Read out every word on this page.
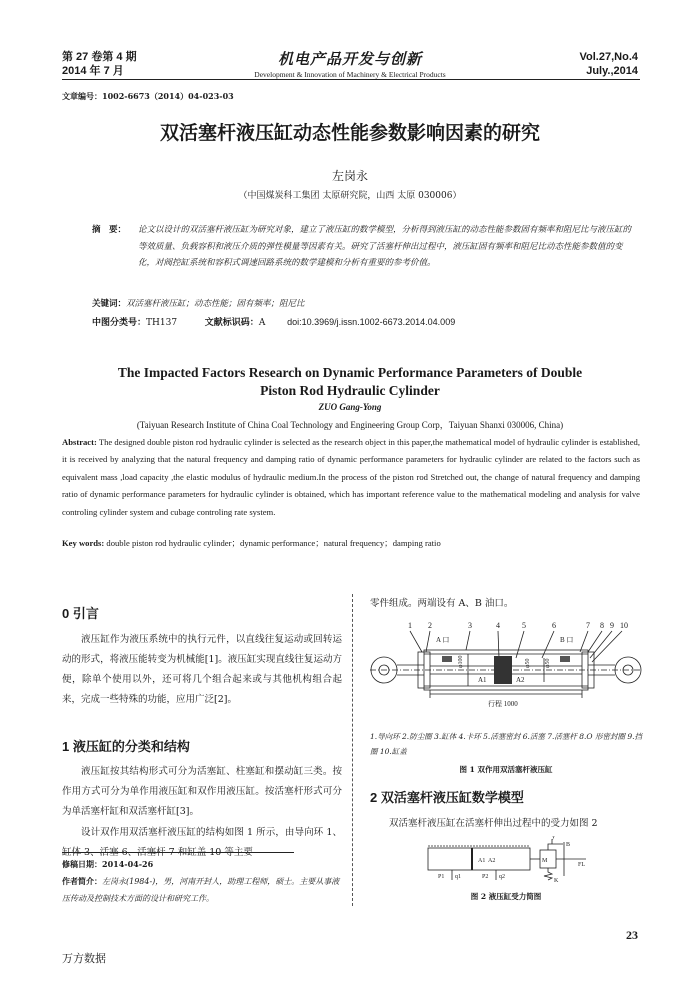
第 27 卷第 4 期
2014 年 7 月
机电产品开发与创新
Development & Innovation of Machinery & Electrical Products
Vol.27,No.4
July.,2014
文章编号：1002-6673（2014）04-023-03
双活塞杆液压缸动态性能参数影响因素的研究
左岗永
（中国煤炭科工集团 太原研究院，山西 太原 030006）
摘　要： 论文以设计的双活塞杆液压缸为研究对象，建立了液压缸的数学模型，分析得到液压缸的动态性能参数固有频率和阻尼比与液压缸的等效质量、负载容积和液压介质的弹性模量等因素有关。研究了活塞杆伸出过程中，液压缸固有频率和阻尼比动态性能参数值的变化，对阀控缸系统和容积式调速回路系统的数学建模和分析有重要的参考价值。
关键词：双活塞杆液压缸；动态性能；固有频率；阻尼比
中图分类号：TH137	文献标识码：A doi:10.3969/j.issn.1002-6673.2014.04.009
The Impacted Factors Research on Dynamic Performance Parameters of Double
Piston Rod Hydraulic Cylinder
ZUO Gang-Yong
(Taiyuan Research Institute of China Coal Technology and Engineering Group Corp，Taiyuan Shanxi 030006, China)
Abstract: The designed double piston rod hydraulic cylinder is selected as the research object in this paper,the mathematical model of hydraulic cylinder is established, it is received by analyzing that the natural frequency and damping ratio of dynamic performance parameters for hydraulic cylinder are related to the factors such as equivalent mass ,load capacity ,the elastic modulus of hydraulic medium.In the process of the piston rod Stretched out, the change of natural frequency and damping ratio of dynamic performance parameters for hydraulic cylinder is obtained, which has important reference value to the mathematical modeling and analysis for valve controling cylinder system and cubage controling rate system.
Key words: double piston rod hydraulic cylinder；dynamic performance；natural frequency；damping ratio
0 引言
液压缸作为液压系统中的执行元件，以直线往复运动或回转运动的形式，将液压能转变为机械能[1]。液压缸实现直线往复运动方便，除单个使用以外，还可将几个组合起来或与其他机构组合起来，完成一些特殊的功能，应用广泛[2]。
1 液压缸的分类和结构
液压缸按其结构形式可分为活塞缸、柱塞缸和摆动缸三类。按作用方式可分为单作用液压缸和双作用液压缸。按活塞杆形式可分为单活塞杆缸和双活塞杆缸[3]。
设计双作用双活塞杆液压缸的结构如图 1 所示，由导向环 1、缸体 3、活塞 6、活塞杆 7 和缸盖 10 等主要
修稿日期：2014-04-26
作者简介：左岗永(1984-)，男，河南开封人，助理工程师，硕士。主要从事液压传动及控制技术方面的设计和研究工作。
零件组成。两端设有 A、B 油口。
1 2	3	4	5	6	7 8 9 10
A 口	B 口
A1	A2
行程 1000
φ100	φ50 φ50
1.导向环 2.防尘圈 3.缸体 4.卡环 5.活塞密封 6.活塞 7.活塞杆 8.O 形密封圈 9.挡圈 10.缸盖
图 1 双作用双活塞杆液压缸
2 双活塞杆液压缸数学模型
双活塞杆液压缸在活塞杆伸出过程中的受力如图 2
y
B
A1 A2	M
FL
K
P1 q1	P2 q2
图 2 液压缸受力简图
23
万方数据
